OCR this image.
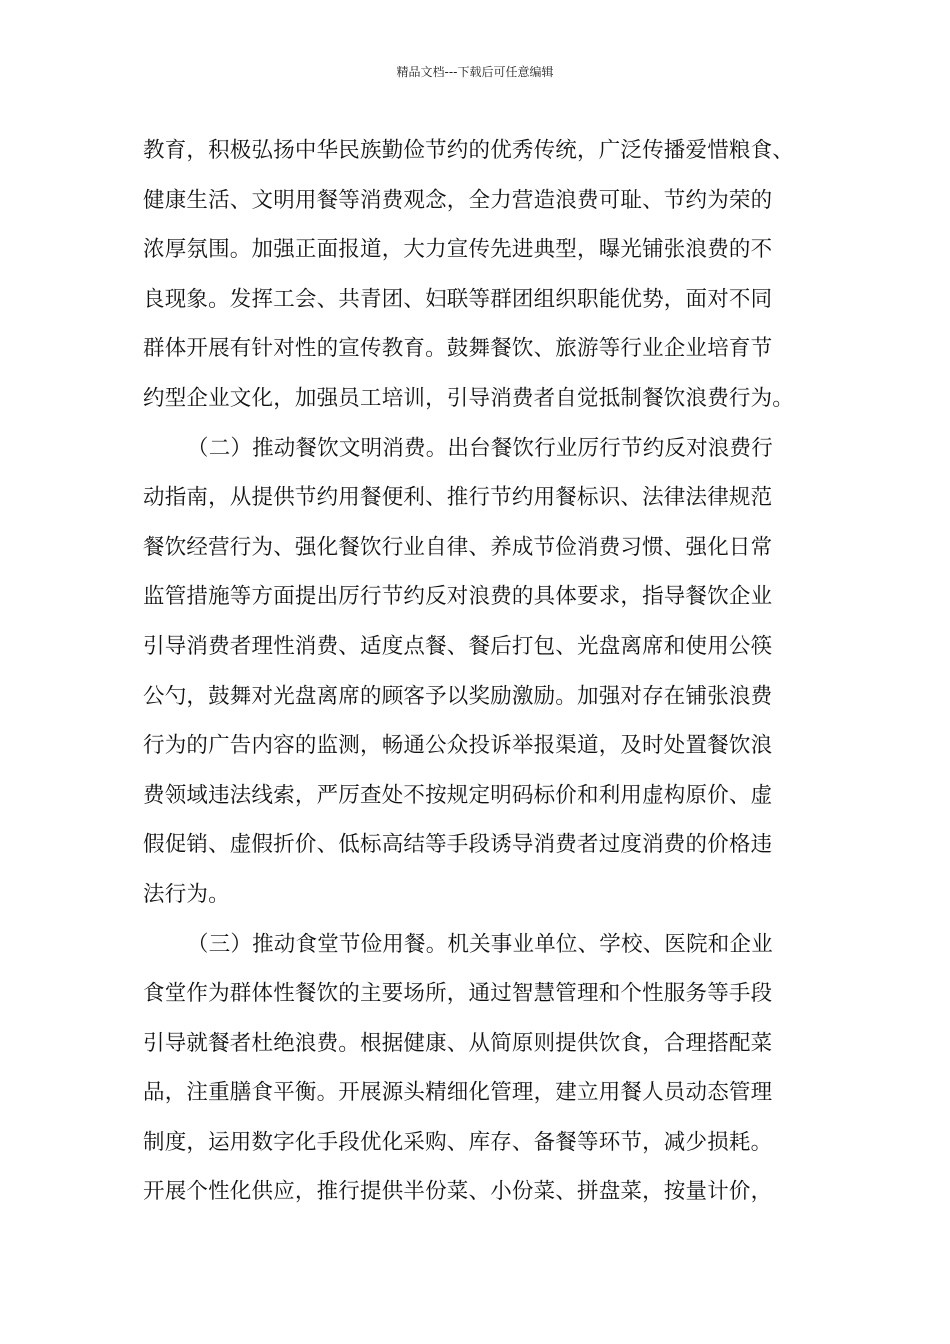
精品文档---下载后可任意编辑
教育，积极弘扬中华民族勤俭节约的优秀传统，广泛传播爱惜粮食、
健康生活、文明用餐等消费观念，全力营造浪费可耻、节约为荣的
浓厚氛围。加强正面报道，大力宣传先进典型，曝光铺张浪费的不
良现象。发挥工会、共青团、妇联等群团组织职能优势，面对不同
群体开展有针对性的宣传教育。鼓舞餐饮、旅游等行业企业培育节
约型企业文化，加强员工培训，引导消费者自觉抵制餐饮浪费行为。
（二）推动餐饮文明消费。出台餐饮行业厉行节约反对浪费行
动指南，从提供节约用餐便利、推行节约用餐标识、法律法律规范
餐饮经营行为、强化餐饮行业自律、养成节俭消费习惯、强化日常
监管措施等方面提出厉行节约反对浪费的具体要求，指导餐饮企业
引导消费者理性消费、适度点餐、餐后打包、光盘离席和使用公筷
公勺，鼓舞对光盘离席的顾客予以奖励激励。加强对存在铺张浪费
行为的广告内容的监测，畅通公众投诉举报渠道，及时处置餐饮浪
费领域违法线索，严厉查处不按规定明码标价和利用虚构原价、虚
假促销、虚假折价、低标高结等手段诱导消费者过度消费的价格违
法行为。
（三）推动食堂节俭用餐。机关事业单位、学校、医院和企业
食堂作为群体性餐饮的主要场所，通过智慧管理和个性服务等手段
引导就餐者杜绝浪费。根据健康、从简原则提供饮食，合理搭配菜
品，注重膳食平衡。开展源头精细化管理，建立用餐人员动态管理
制度，运用数字化手段优化采购、库存、备餐等环节，减少损耗。
开展个性化供应，推行提供半份菜、小份菜、拼盘菜，按量计价，
